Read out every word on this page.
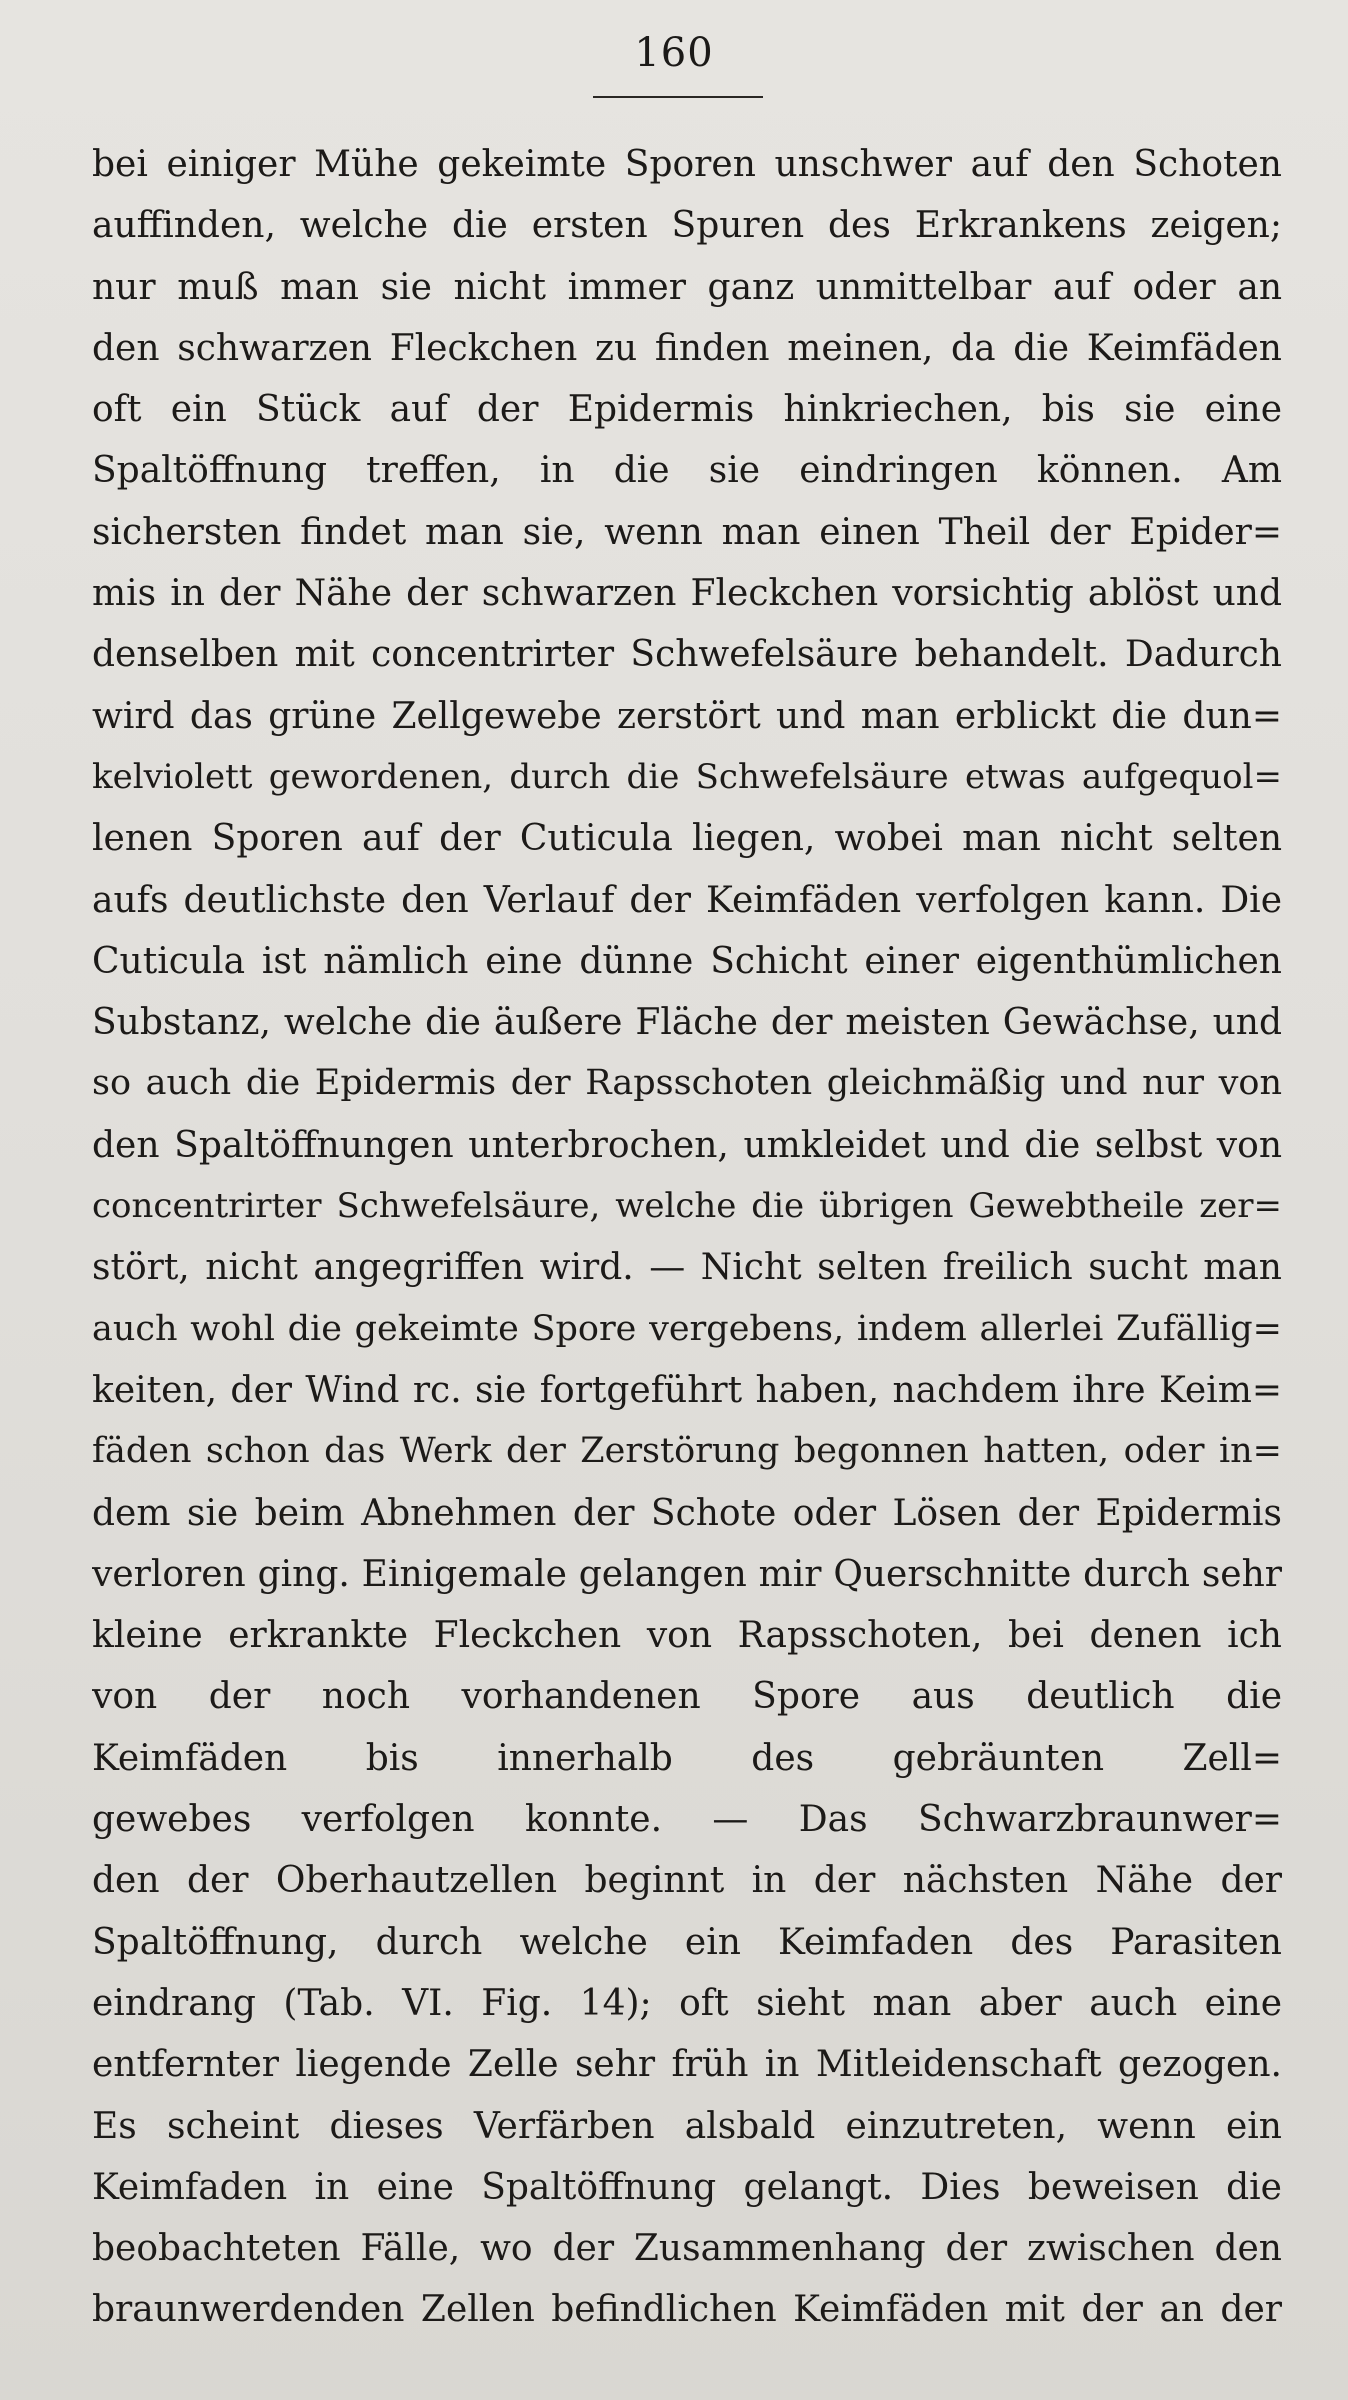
160
bei einiger Mühe gekeimte Sporen unschwer auf den Schoten
auffinden, welche die ersten Spuren des Erkrankens zeigen;
nur muß man sie nicht immer ganz unmittelbar auf oder an
den schwarzen Fleckchen zu finden meinen, da die Keimfäden
oft ein Stück auf der Epidermis hinkriechen, bis sie eine
Spaltöffnung treffen, in die sie eindringen können. Am
sichersten findet man sie, wenn man einen Theil der Epider=
mis in der Nähe der schwarzen Fleckchen vorsichtig ablöst und
denselben mit concentrirter Schwefelsäure behandelt. Dadurch
wird das grüne Zellgewebe zerstört und man erblickt die dun=
kelviolett gewordenen, durch die Schwefelsäure etwas aufgequol=
lenen Sporen auf der Cuticula liegen, wobei man nicht selten
aufs deutlichste den Verlauf der Keimfäden verfolgen kann. Die
Cuticula ist nämlich eine dünne Schicht einer eigenthümlichen
Substanz, welche die äußere Fläche der meisten Gewächse, und
so auch die Epidermis der Rapsschoten gleichmäßig und nur von
den Spaltöffnungen unterbrochen, umkleidet und die selbst von
concentrirter Schwefelsäure, welche die übrigen Gewebtheile zer=
stört, nicht angegriffen wird. — Nicht selten freilich sucht man
auch wohl die gekeimte Spore vergebens, indem allerlei Zufällig=
keiten, der Wind rc. sie fortgeführt haben, nachdem ihre Keim=
fäden schon das Werk der Zerstörung begonnen hatten, oder in=
dem sie beim Abnehmen der Schote oder Lösen der Epidermis
verloren ging. Einigemale gelangen mir Querschnitte durch sehr
kleine erkrankte Fleckchen von Rapsschoten, bei denen ich
von der noch vorhandenen Spore aus deutlich die
Keimfäden bis innerhalb des gebräunten Zell=
gewebes verfolgen konnte. — Das Schwarzbraunwer=
den der Oberhautzellen beginnt in der nächsten Nähe der
Spaltöffnung, durch welche ein Keimfaden des Parasiten
eindrang (Tab. VI. Fig. 14); oft sieht man aber auch eine
entfernter liegende Zelle sehr früh in Mitleidenschaft gezogen.
Es scheint dieses Verfärben alsbald einzutreten, wenn ein
Keimfaden in eine Spaltöffnung gelangt. Dies beweisen die
beobachteten Fälle, wo der Zusammenhang der zwischen den
braunwerdenden Zellen befindlichen Keimfäden mit der an der
